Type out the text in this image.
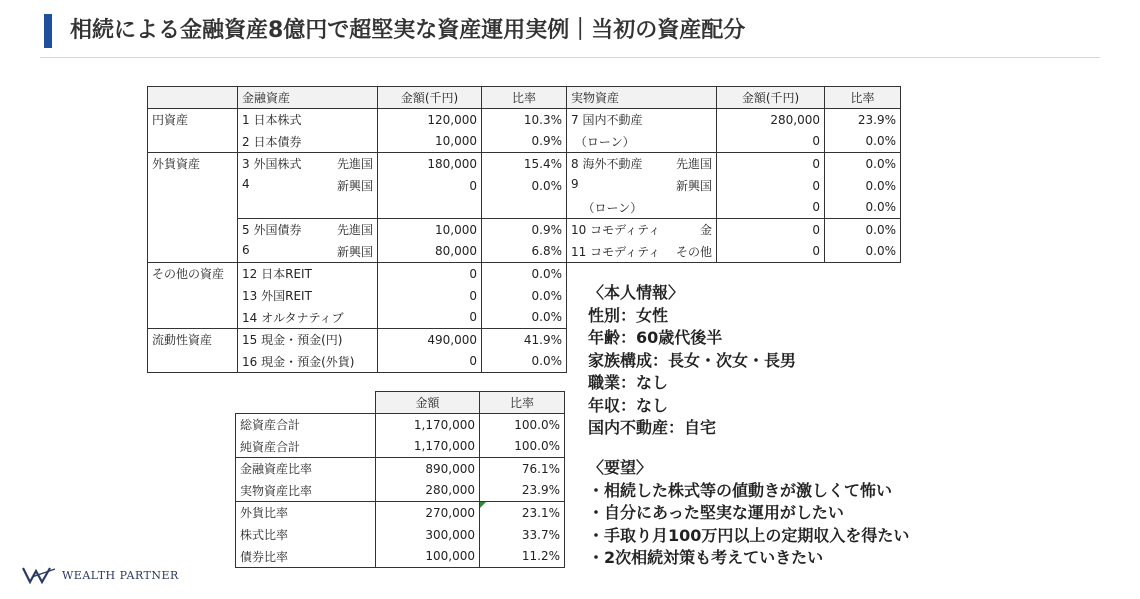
相続による金融資産8億円で超堅実な資産運用実例｜当初の資産配分
	金融資産	金額(千円)	比率	実物資産	金額(千円)	比率
円資産	1 日本株式	120,000	10.3%	7 国内不動産	280,000	23.9%

	2 日本債券	10,000	0.9%	（ローン）	0	0.0%
外貨資産	3 外国株式 先進国	180,000	15.4%	8 海外不動産 先進国	0	0.0%

	4 新興国	0	0.0%	9 新興国	0	0.0%

				（ローン）	0	0.0%

	5 外国債券 先進国	10,000	0.9%	10 コモディティ 金	0	0.0%

	6 新興国	80,000	6.8%	11 コモディティ その他	0	0.0%
その他の資産	12 日本REIT	0	0.0%			
	13 外国REIT	0	0.0%			
	14 オルタナティブ	0	0.0%			
流動性資産	15 現金・預金(円)	490,000	41.9%			
	16 現金・預金(外貨)	0	0.0%			
	金額	比率
総資産合計	1,170,000	100.0%
純資産合計	1,170,000	100.0%
金融資産比率	890,000	76.1%
実物資産比率	280,000	23.9%
外貨比率	270,000	23.1%
株式比率	300,000	33.7%
債券比率	100,000	11.2%
〈本人情報〉
性別：女性
年齢：60歳代後半
家族構成：長女・次女・長男
職業：なし
年収：なし
国内不動産：自宅
〈要望〉
・相続した株式等の値動きが激しくて怖い
・自分にあった堅実な運用がしたい
・手取り月100万円以上の定期収入を得たい
・2次相続対策も考えていきたい
WEALTH PARTNER
